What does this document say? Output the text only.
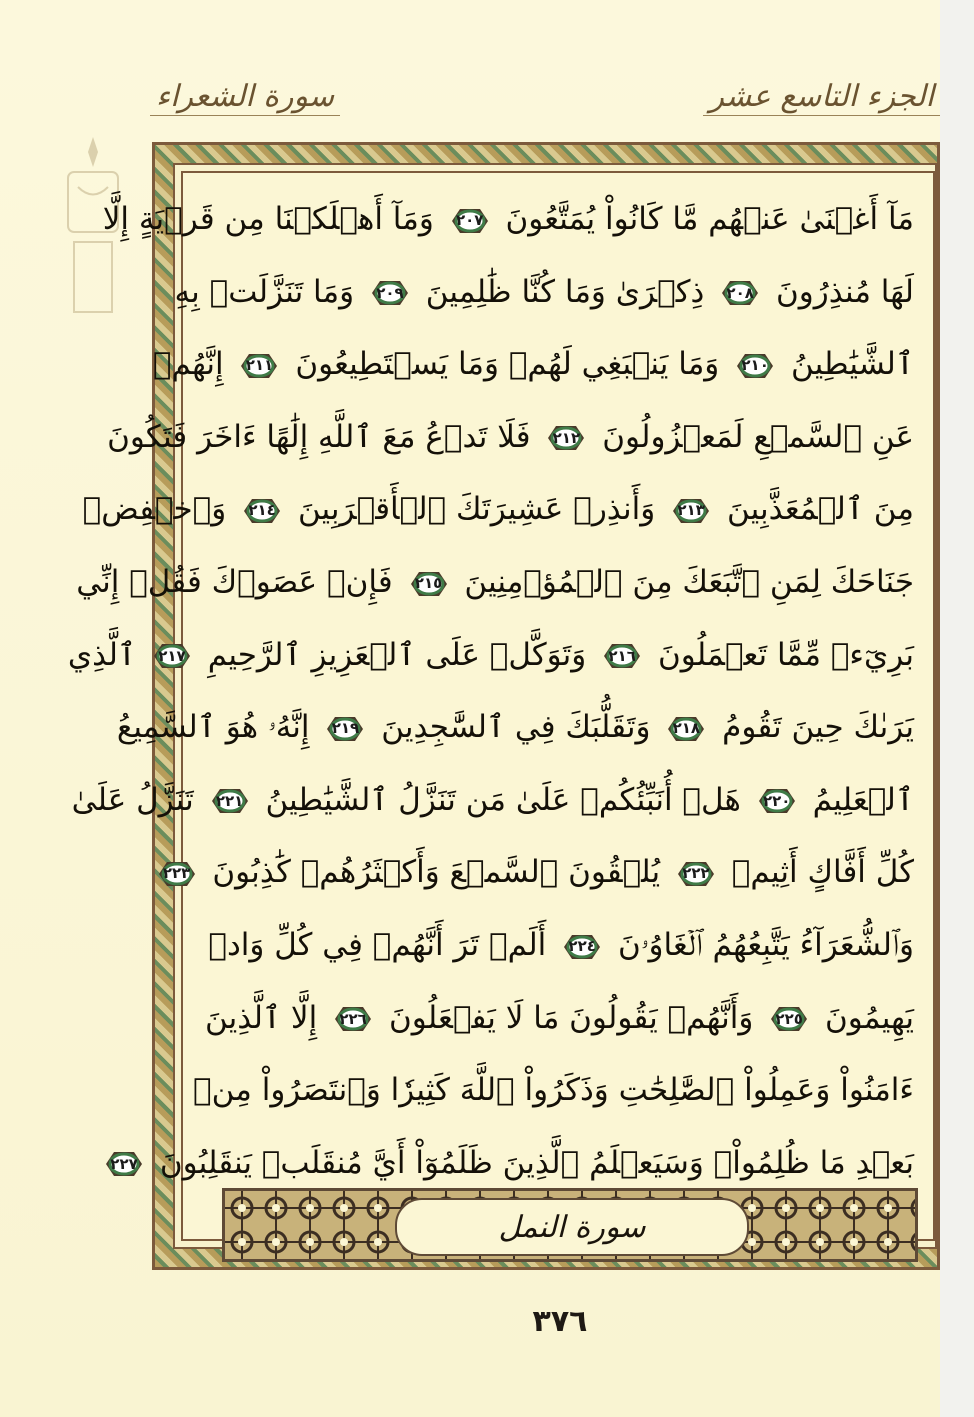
الجزء التاسع عشر
سورة الشعراء
مَآ أَغۡنَىٰ عَنۡهُم مَّا كَانُواْ يُمَتَّعُونَ
٢٠٧
وَمَآ أَهۡلَكۡنَا مِن قَرۡيَةٍ إِلَّا
لَهَا مُنذِرُونَ
٢٠٨
ذِكۡرَىٰ وَمَا كُنَّا ظَٰلِمِينَ
٢٠٩
وَمَا تَنَزَّلَتۡ بِهِ
ٱلشَّيَٰطِينُ
٢١٠
وَمَا يَنۢبَغِي لَهُمۡ وَمَا يَسۡتَطِيعُونَ
٢١١
إِنَّهُمۡ
عَنِ ٱلسَّمۡعِ لَمَعۡزُولُونَ
٢١٢
فَلَا تَدۡعُ مَعَ ٱللَّهِ إِلَٰهًا ءَاخَرَ فَتَكُونَ
مِنَ ٱلۡمُعَذَّبِينَ
٢١٣
وَأَنذِرۡ عَشِيرَتَكَ ٱلۡأَقۡرَبِينَ
٢١٤
وَٱخۡفِضۡ
جَنَاحَكَ لِمَنِ ٱتَّبَعَكَ مِنَ ٱلۡمُؤۡمِنِينَ
٢١٥
فَإِنۡ عَصَوۡكَ فَقُلۡ إِنِّي
بَرِيٓءٞ مِّمَّا تَعۡمَلُونَ
٢١٦
وَتَوَكَّلۡ عَلَى ٱلۡعَزِيزِ ٱلرَّحِيمِ
٢١٧
ٱلَّذِي
يَرَىٰكَ حِينَ تَقُومُ
٢١٨
وَتَقَلُّبَكَ فِي ٱلسَّٰجِدِينَ
٢١٩
إِنَّهُۥ هُوَ ٱلسَّمِيعُ
ٱلۡعَلِيمُ
٢٢٠
هَلۡ أُنَبِّئُكُمۡ عَلَىٰ مَن تَنَزَّلُ ٱلشَّيَٰطِينُ
٢٢١
تَنَزَّلُ عَلَىٰ
كُلِّ أَفَّاكٍ أَثِيمٖ
٢٢٢
يُلۡقُونَ ٱلسَّمۡعَ وَأَكۡثَرُهُمۡ كَٰذِبُونَ
٢٢٣
وَٱلشُّعَرَآءُ يَتَّبِعُهُمُ ٱلۡغَاوُۥنَ
٢٢٤
أَلَمۡ تَرَ أَنَّهُمۡ فِي كُلِّ وَادٖ
يَهِيمُونَ
٢٢٥
وَأَنَّهُمۡ يَقُولُونَ مَا لَا يَفۡعَلُونَ
٢٢٦
إِلَّا ٱلَّذِينَ
ءَامَنُواْ وَعَمِلُواْ ٱلصَّٰلِحَٰتِ وَذَكَرُواْ ٱللَّهَ كَثِيرٗا وَٱنتَصَرُواْ مِنۢ
بَعۡدِ مَا ظُلِمُواْۗ وَسَيَعۡلَمُ ٱلَّذِينَ ظَلَمُوٓاْ أَيَّ مُنقَلَبٖ يَنقَلِبُونَ
٢٢٧
سورة النمل
٣٧٦
